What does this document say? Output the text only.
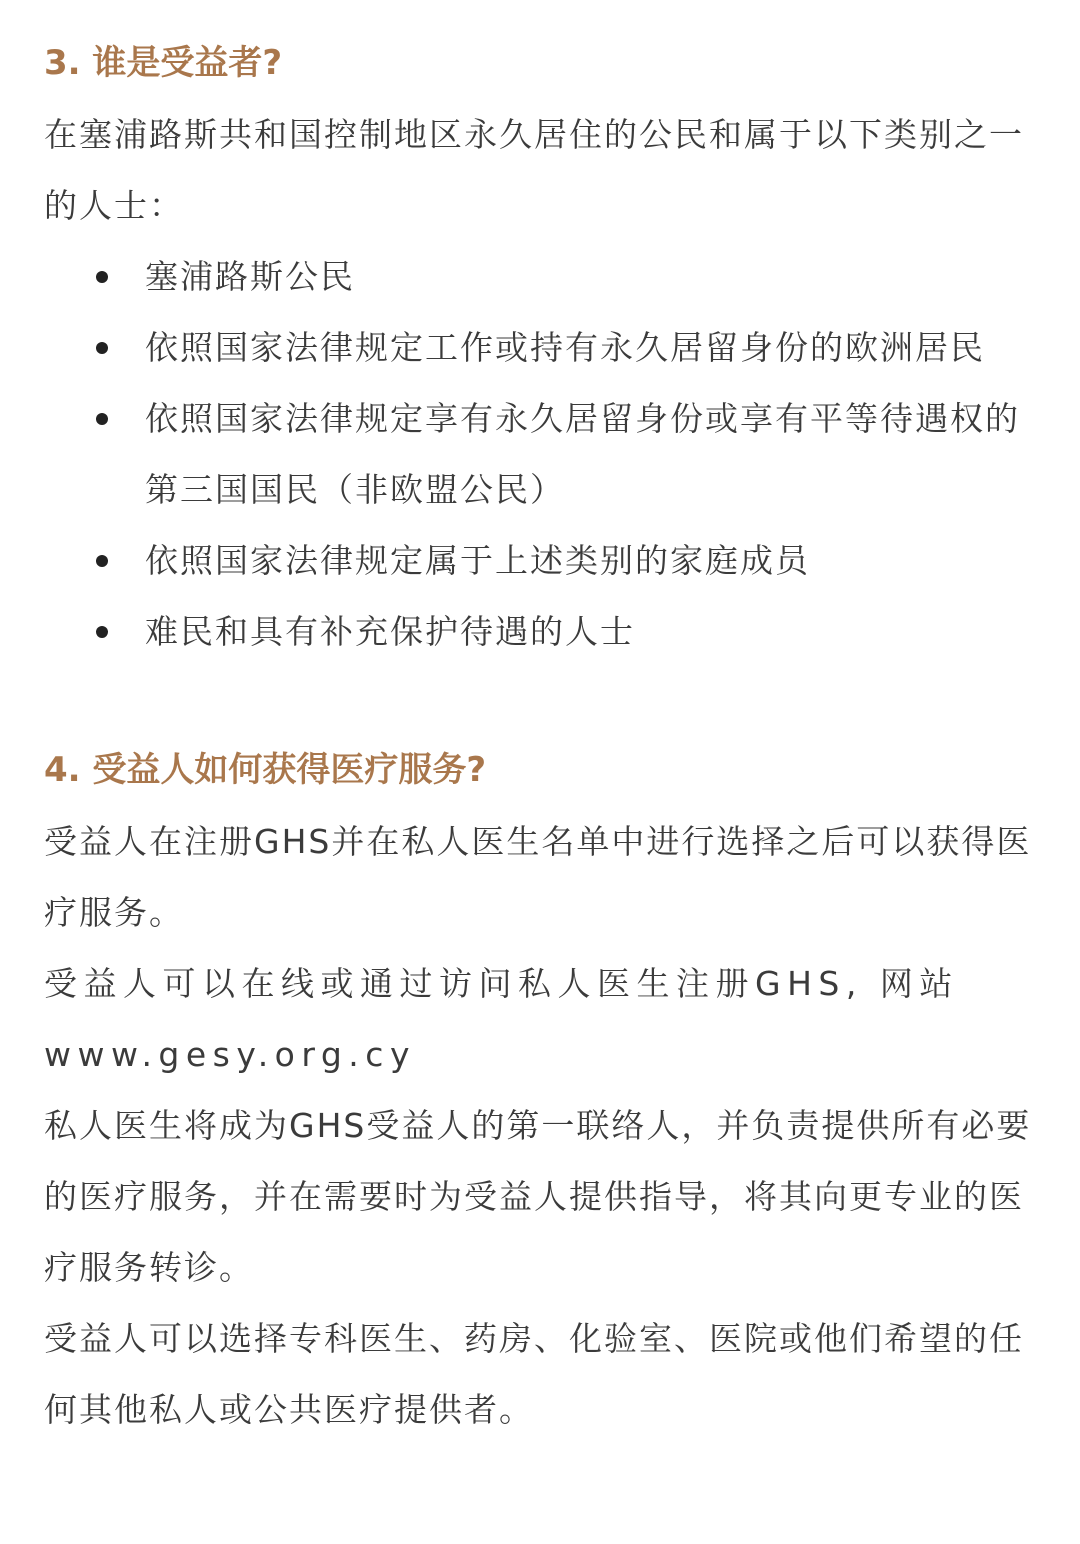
3. 谁是受益者?

在塞浦路斯共和国控制地区永久居住的公民和属于以下类别之一的人士：

塞浦路斯公民
依照国家法律规定工作或持有永久居留身份的欧洲居民
依照国家法律规定享有永久居留身份或享有平等待遇权的第三国国民（非欧盟公民）
依照国家法律规定属于上述类别的家庭成员
难民和具有补充保护待遇的人士
4. 受益人如何获得医疗服务?

受益人在注册GHS并在私人医生名单中进行选择之后可以获得医疗服务。

受益人可以在线或通过访问私人医生注册GHS, 网站www.gesy.org.cy

私人医生将成为GHS受益人的第一联络人，并负责提供所有必要的医疗服务，并在需要时为受益人提供指导，将其向更专业的医疗服务转诊。

受益人可以选择专科医生、药房、化验室、医院或他们希望的任何其他私人或公共医疗提供者。
